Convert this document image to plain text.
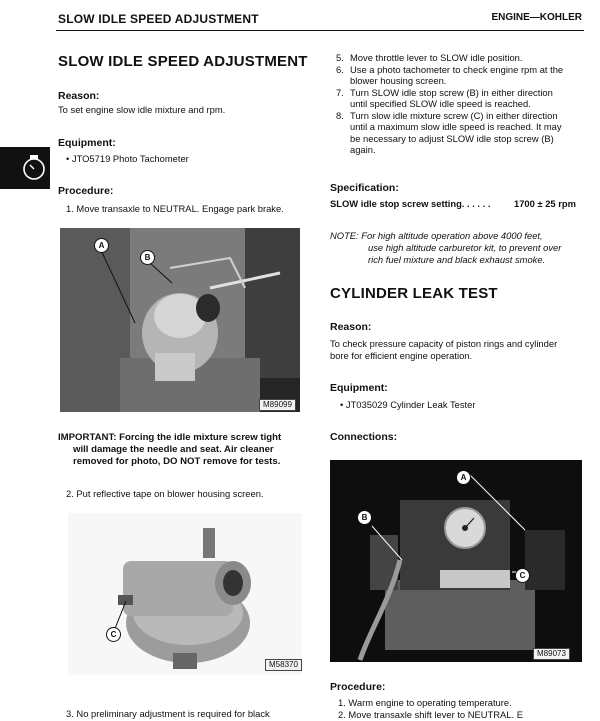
SLOW IDLE SPEED ADJUSTMENT	ENGINE—KOHLER
SLOW IDLE SPEED ADJUSTMENT
Reason:
To set engine slow idle mixture and rpm.
Equipment:
• JTO5719 Photo Tachometer
Procedure:
1. Move transaxle to NEUTRAL. Engage park brake.
A
B
M89099
IMPORTANT: Forcing the idle mixture screw tight
will damage the needle and seat. Air cleaner
removed for photo, DO NOT remove for tests.
2. Put reflective tape on blower housing screen.
C
M58370
3. No preliminary adjustment is required for black
5. Move throttle lever to SLOW idle position.
6. Use a photo tachometer to check engine rpm at the
blower housing screen.
7. Turn SLOW idle stop screw (B) in either direction
until specified SLOW idle speed is reached.
8. Turn slow idle mixture screw (C) in either direction
until a maximum slow idle speed is reached. It may
be necessary to adjust SLOW idle stop screw (B)
again.
Specification:
SLOW idle stop screw setting. . . . . .	1700 ± 25 rpm
NOTE: For high altitude operation above 4000 feet,
use high altitude carburetor kit, to prevent over
rich fuel mixture and black exhaust smoke.
CYLINDER LEAK TEST
Reason:
To check pressure capacity of piston rings and cylinder
bore for efficient engine operation.
Equipment:
• JT035029 Cylinder Leak Tester
Connections:
A
B
C
M89073
Procedure:
1. Warm engine to operating temperature.
2. Move transaxle shift lever to NEUTRAL. E
